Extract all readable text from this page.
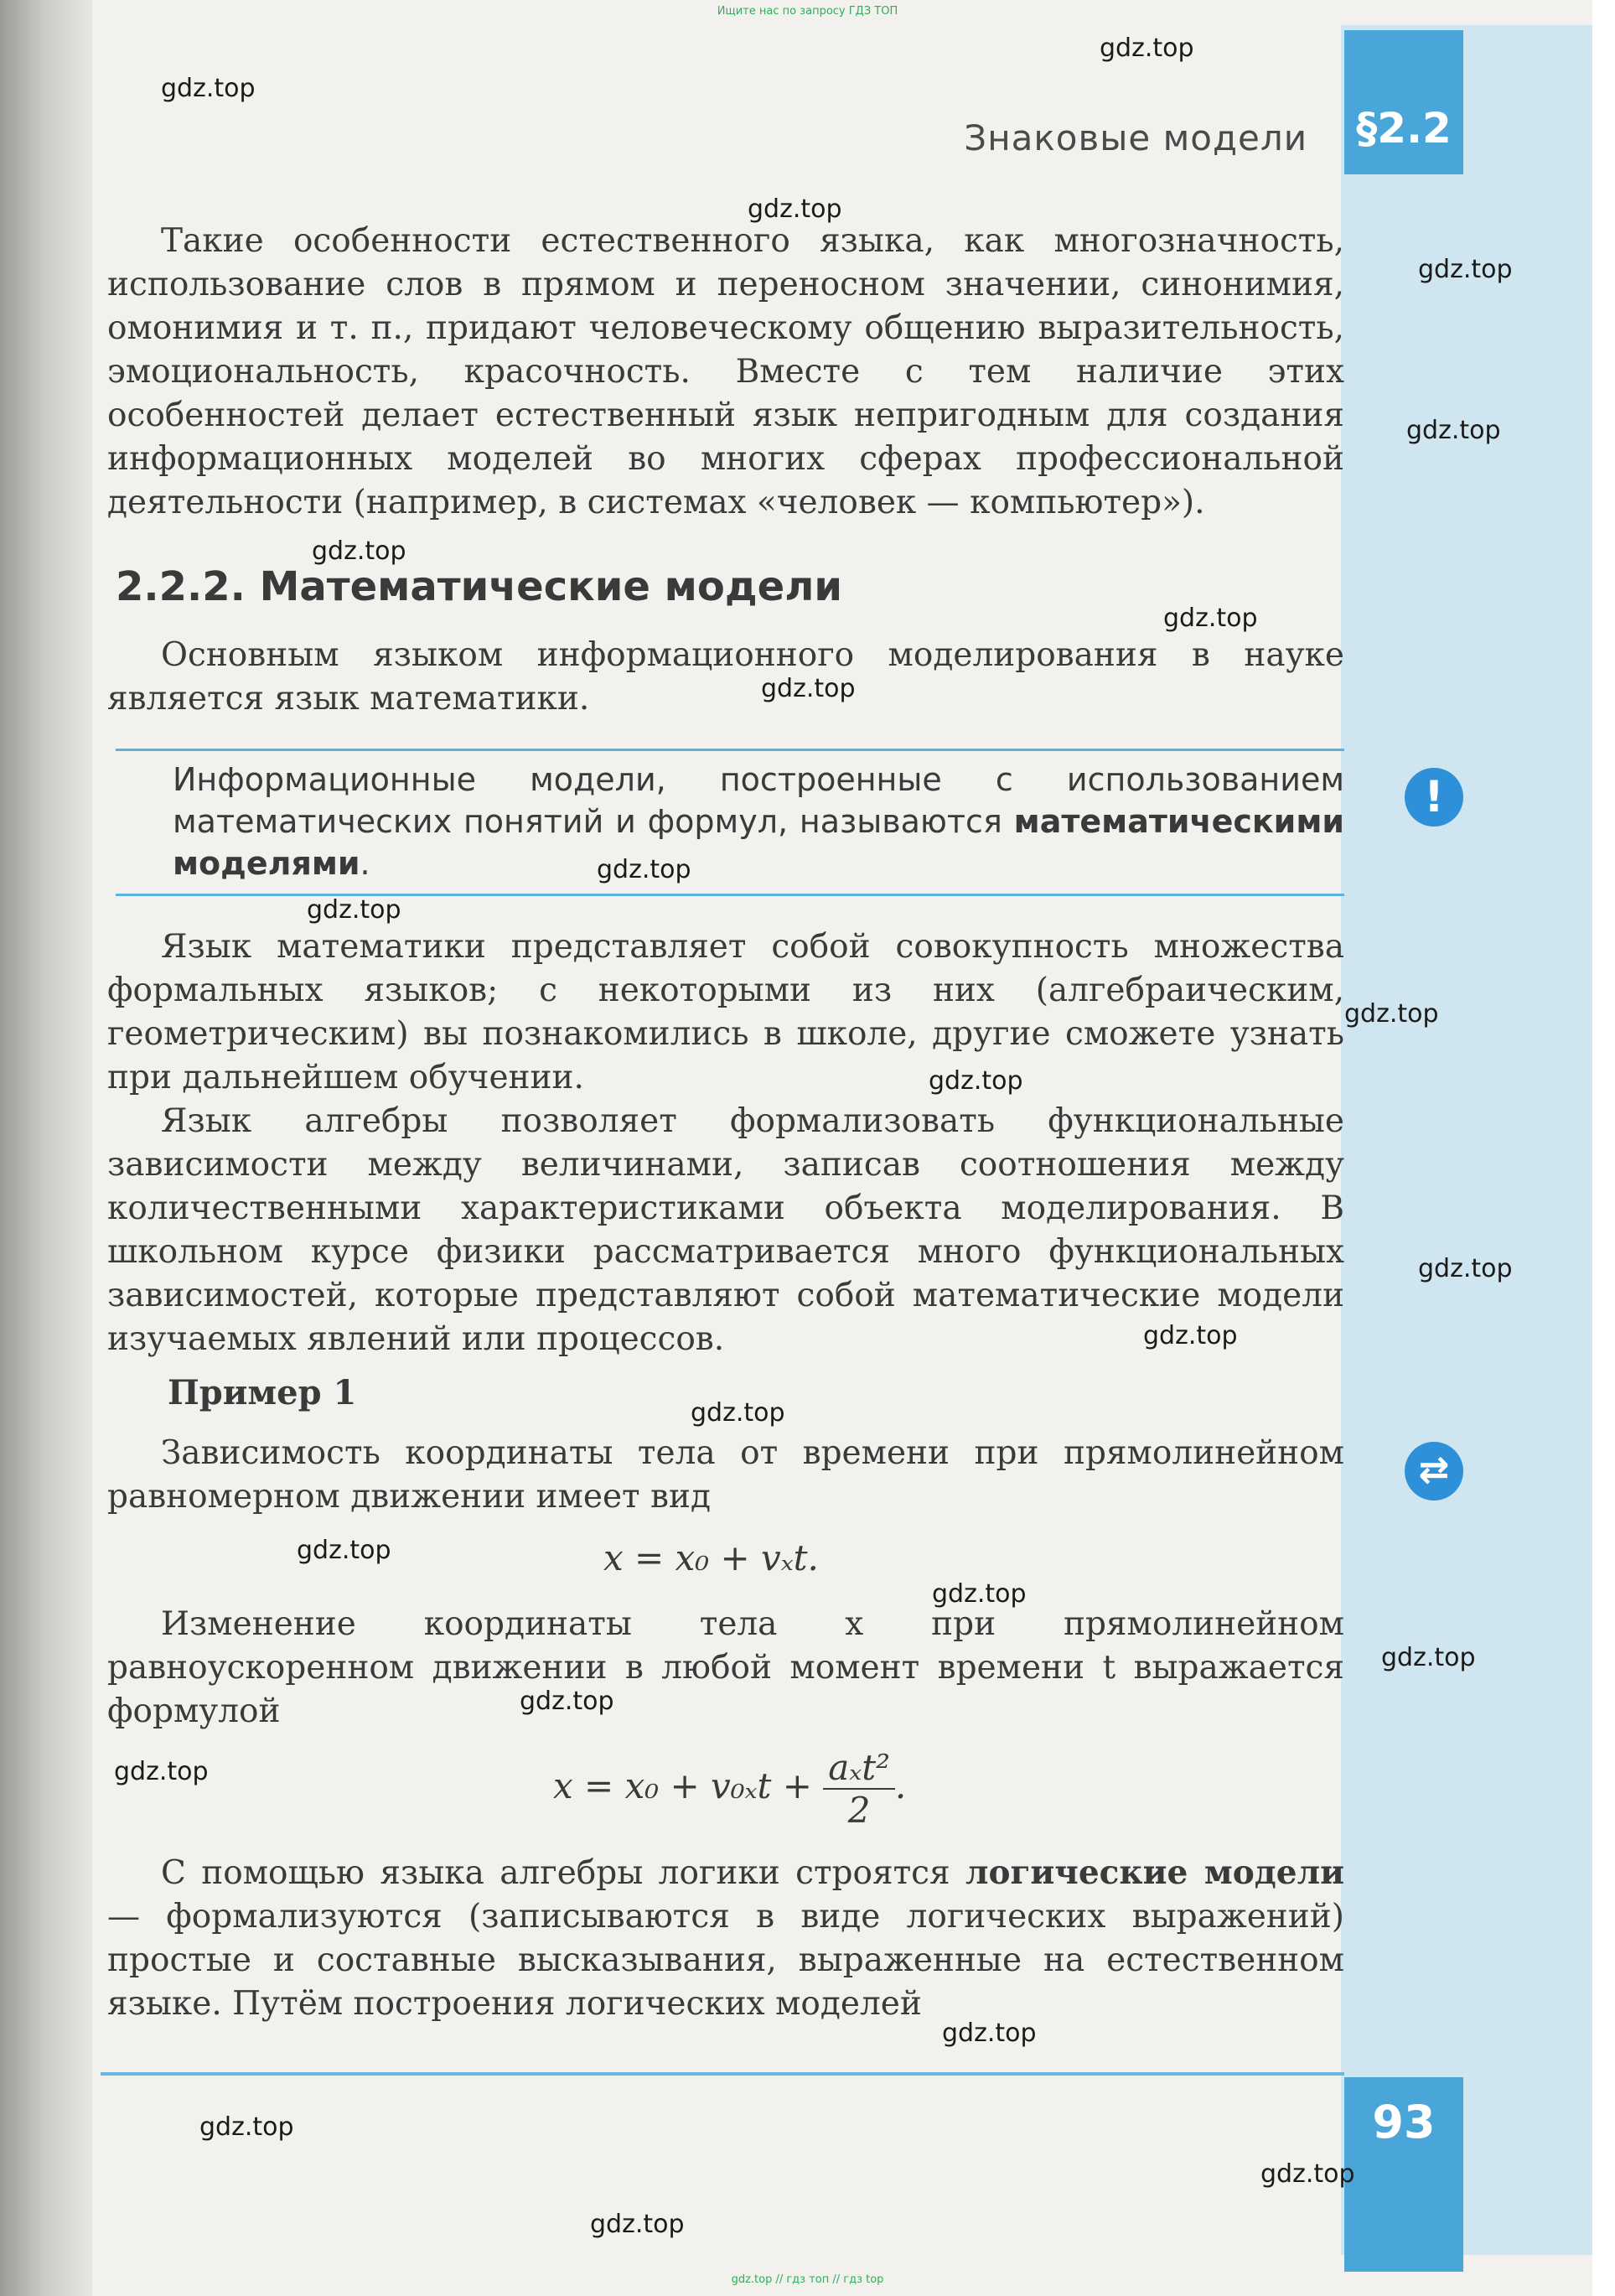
Ищите нас по запросу ГДЗ ТОП
gdz.top // гдз топ // гдз top
Знаковые модели §2.2

Такие особенности естественного языка, как многозначность, использование слов в прямом и переносном значении, синонимия, омонимия и т. п., придают человеческому общению выразительность, эмоциональность, красочность. Вместе с тем наличие этих особенностей делает естественный язык непригодным для создания информационных моделей во многих сферах профессиональной деятельности (например, в системах «человек — компьютер»).

2.2.2. Математические модели

Основным языком информационного моделирования в науке является язык математики.

Информационные модели, построенные с использованием математических понятий и формул, называются математическими моделями.

!

Язык математики представляет собой совокупность множества формальных языков; с некоторыми из них (алгебраическим, геометрическим) вы познакомились в школе, другие сможете узнать при дальнейшем обучении.

Язык алгебры позволяет формализовать функциональные зависимости между величинами, записав соотношения между количественными характеристиками объекта моделирования. В школьном курсе физики рассматривается много функциональных зависимостей, которые представляют собой математические модели изучаемых явлений или процессов.

Пример 1

⇄

Зависимость координаты тела от времени при прямолинейном равномерном движении имеет вид

x = x₀ + vₓt.

Изменение координаты тела x при прямолинейном равноускоренном движении в любой момент времени t выражается формулой

$x = x_0 + v_{0x}t + \frac{\text{aₓt²}}{2}$ .

С помощью языка алгебры логики строятся логические модели — формализуются (записываются в виде логических выражений) простые и составные высказывания, выраженные на естественном языке. Путём построения логических моделей

93
gdz.top
gdz.top
gdz.top
gdz.top
gdz.top
gdz.top
gdz.top
gdz.top
gdz.top
gdz.top
gdz.top
gdz.top
gdz.top
gdz.top
gdz.top
gdz.top
gdz.top
gdz.top
gdz.top
gdz.top
gdz.top
gdz.top
gdz.top
gdz.top
